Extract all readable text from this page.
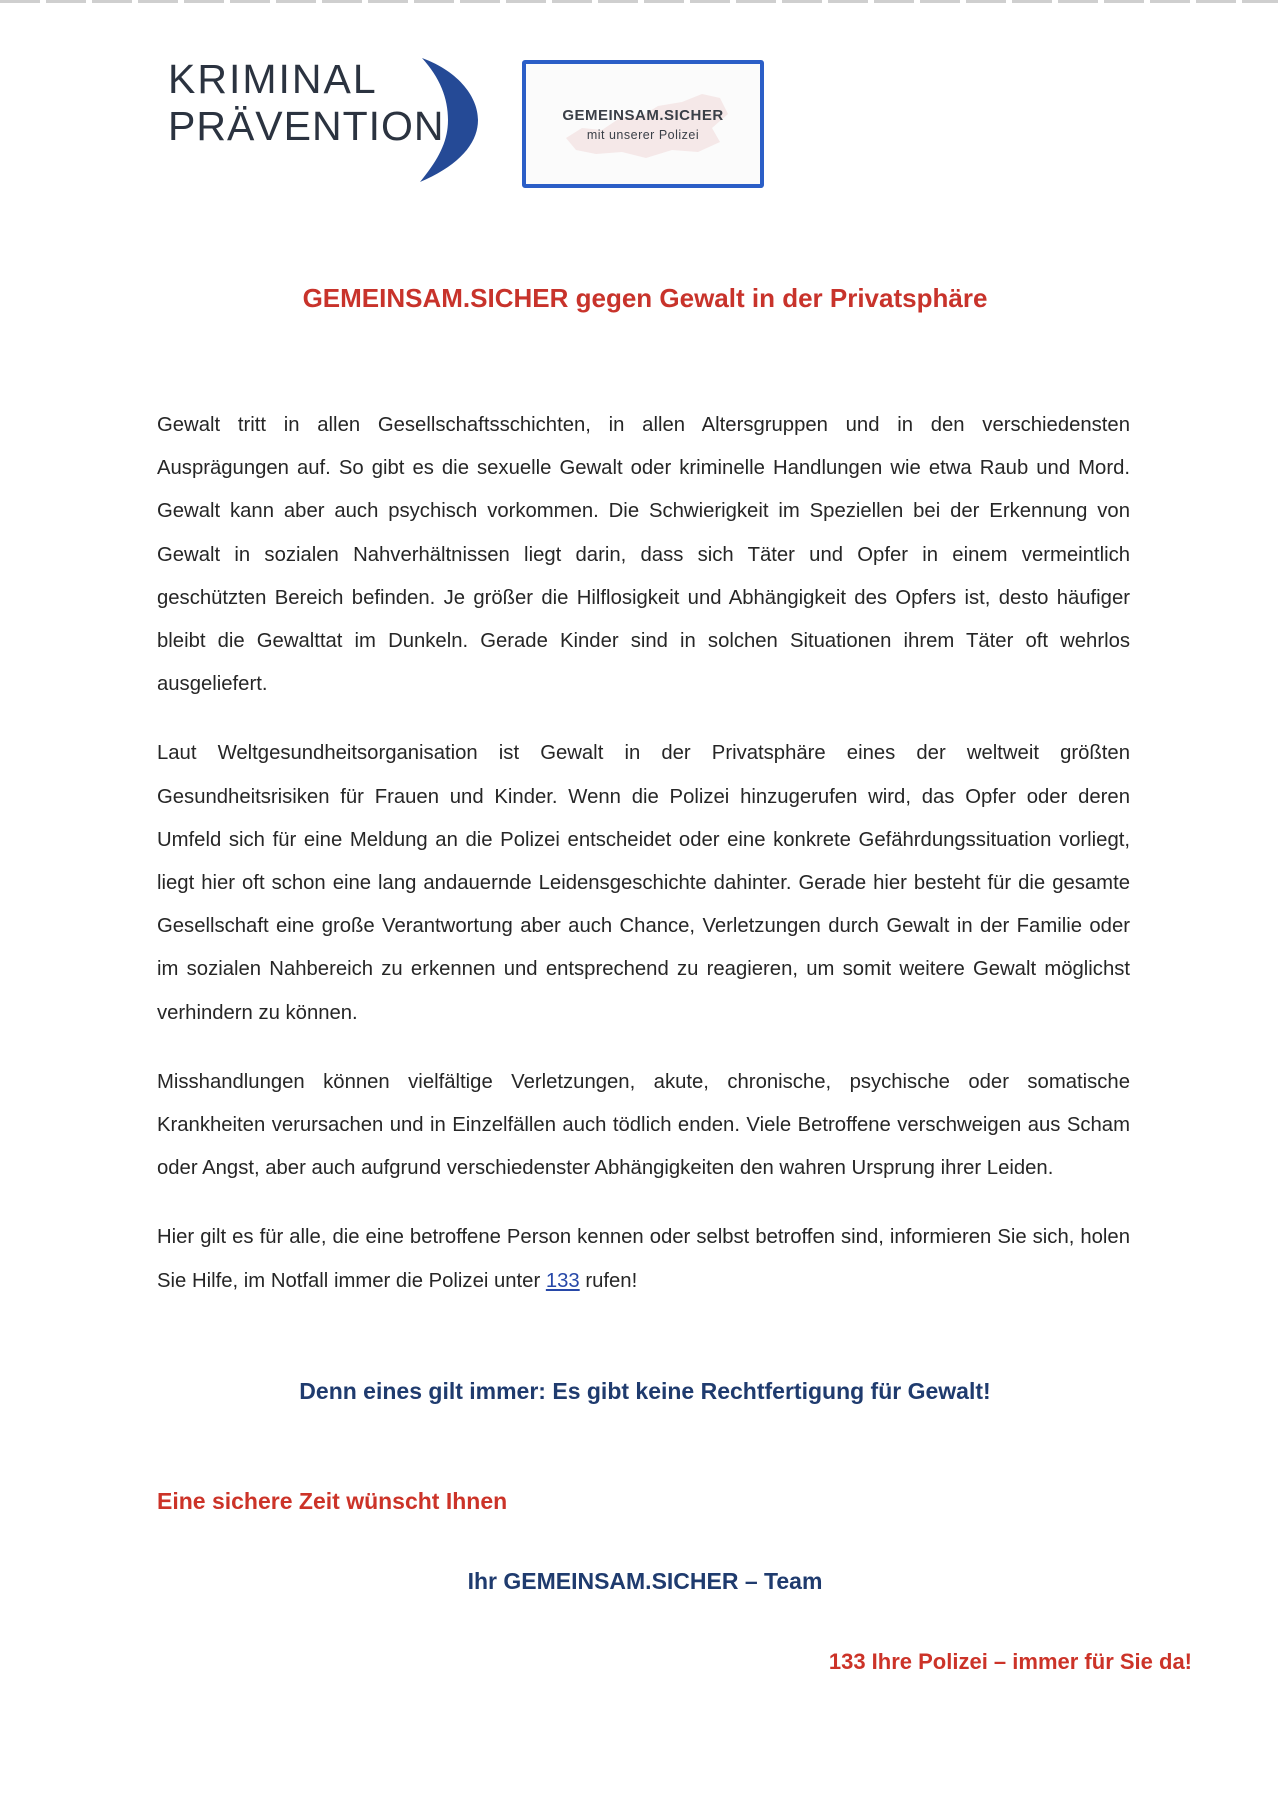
KRIMINAL
PRÄVENTION	GEMEINSAM.SICHER
mit unserer Polizei
GEMEINSAM.SICHER gegen Gewalt in der Privatsphäre

Gewalt tritt in allen Gesellschaftsschichten, in allen Altersgruppen und in den verschiedensten Ausprägungen auf. So gibt es die sexuelle Gewalt oder kriminelle Handlungen wie etwa Raub und Mord. Gewalt kann aber auch psychisch vorkommen. Die Schwierigkeit im Speziellen bei der Erkennung von Gewalt in sozialen Nahverhältnissen liegt darin, dass sich Täter und Opfer in einem vermeintlich geschützten Bereich befinden. Je größer die Hilflosigkeit und Abhängigkeit des Opfers ist, desto häufiger bleibt die Gewalttat im Dunkeln. Gerade Kinder sind in solchen Situationen ihrem Täter oft wehrlos ausgeliefert.

Laut Weltgesundheitsorganisation ist Gewalt in der Privatsphäre eines der weltweit größten Gesundheitsrisiken für Frauen und Kinder. Wenn die Polizei hinzugerufen wird, das Opfer oder deren Umfeld sich für eine Meldung an die Polizei entscheidet oder eine konkrete Gefährdungssituation vorliegt, liegt hier oft schon eine lang andauernde Leidensgeschichte dahinter. Gerade hier besteht für die gesamte Gesellschaft eine große Verantwortung aber auch Chance, Verletzungen durch Gewalt in der Familie oder im sozialen Nahbereich zu erkennen und entsprechend zu reagieren, um somit weitere Gewalt möglichst verhindern zu können.

Misshandlungen können vielfältige Verletzungen, akute, chronische, psychische oder somatische Krankheiten verursachen und in Einzelfällen auch tödlich enden. Viele Betroffene verschweigen aus Scham oder Angst, aber auch aufgrund verschiedenster Abhängigkeiten den wahren Ursprung ihrer Leiden.

Hier gilt es für alle, die eine betroffene Person kennen oder selbst betroffen sind, informieren Sie sich, holen Sie Hilfe, im Notfall immer die Polizei unter 133 rufen!

Denn eines gilt immer: Es gibt keine Rechtfertigung für Gewalt!
Eine sichere Zeit wünscht Ihnen
Ihr GEMEINSAM.SICHER – Team
133 Ihre Polizei – immer für Sie da!
